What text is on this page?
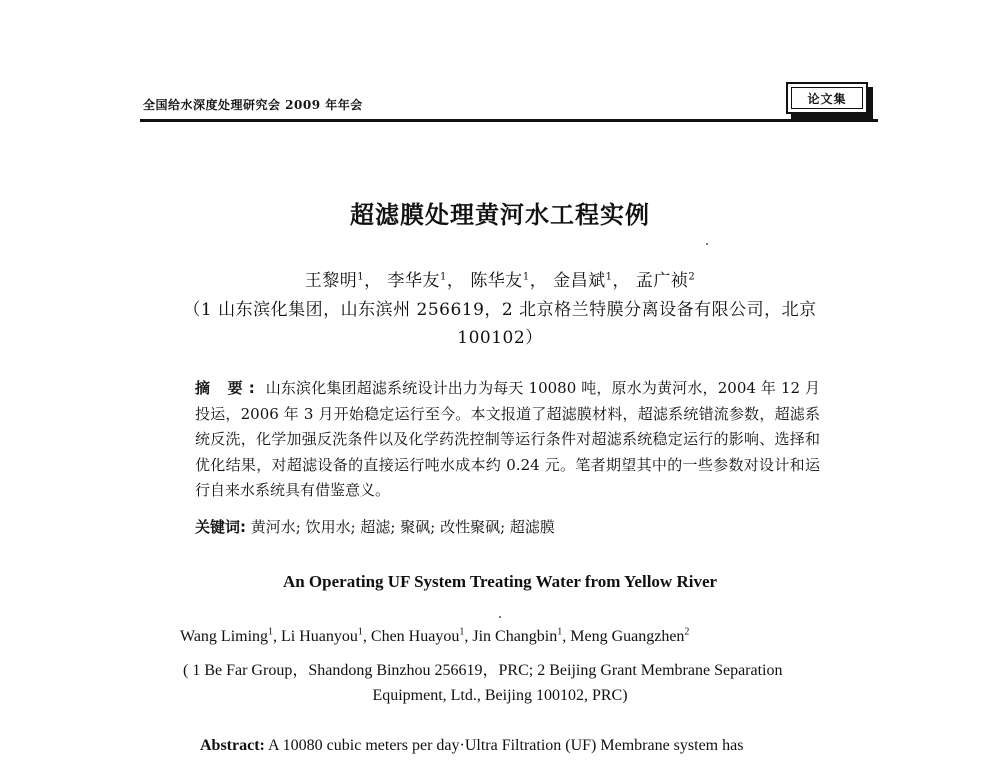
全国给水深度处理研究会 2009 年年会	论文集
超滤膜处理黄河水工程实例
王黎明$^1$， 李华友$^1$， 陈华友$^1$， 金昌斌$^1$， 孟广祯$^2$
（1 山东滨化集团，山东滨州 256619，2 北京格兰特膜分离设备有限公司，北京
100102）
摘 要: 山东滨化集团超滤系统设计出力为每天 10080 吨，原水为黄河水，2004 年 12 月投运，2006 年 3 月开始稳定运行至今。本文报道了超滤膜材料，超滤系统错流参数，超滤系统反洗，化学加强反洗条件以及化学药洗控制等运行条件对超滤系统稳定运行的影响、选择和优化结果，对超滤设备的直接运行吨水成本约 0.24 元。笔者期望其中的一些参数对设计和运行自来水系统具有借鉴意义。
关键词: 黄河水; 饮用水; 超滤; 聚砜; 改性聚砜; 超滤膜
An Operating UF System Treating Water from Yellow River
Wang Liming$^1$, Li Huanyou$^1$, Chen Huayou$^1$, Jin Changbin$^1$, Meng Guangzhen$^2$
( 1 Be Far Group，Shandong Binzhou 256619，PRC; 2 Beijing Grant Membrane Separation
Equipment, Ltd., Beijing 100102, PRC)
Abstract: A 10080 cubic meters per day·Ultra Filtration (UF) Membrane system has
